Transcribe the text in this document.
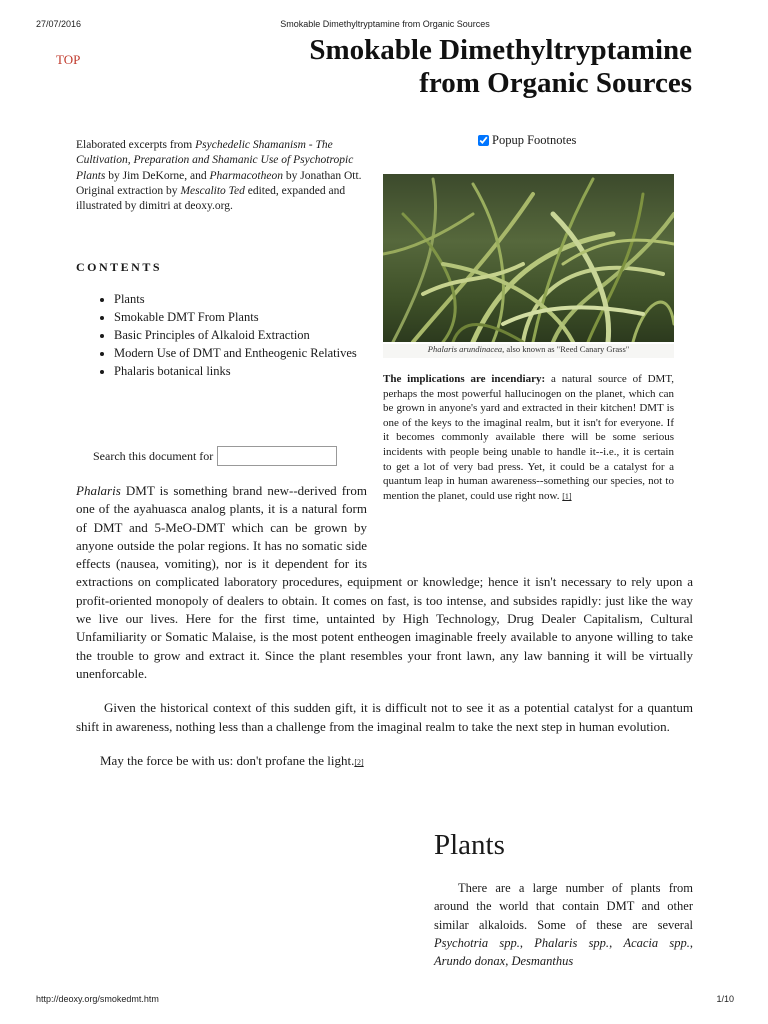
27/07/2016	Smokable Dimethyltryptamine from Organic Sources
TOP	Smokable Dimethyltryptamine
from Organic Sources

Elaborated excerpts from Psychedelic Shamanism - The Cultivation, Preparation and Shamanic Use of Psychotropic Plants by Jim DeKorne, and Pharmacotheon by Jonathan Ott. Original extraction by Mescalito Ted edited, expanded and illustrated by dimitri at deoxy.org.

CONTENTS
• Plants
• Smokable DMT From Plants
• Basic Principles of Alkaloid Extraction
• Modern Use of DMT and Entheogenic Relatives
• Phalaris botanical links
Search this document for
Popup Footnotes
Phalaris arundinacea, also known as "Reed Canary Grass"

The implications are incendiary: a natural source of DMT, perhaps the most powerful hallucinogen on the planet, which can be grown in anyone's yard and extracted in their kitchen! DMT is one of the keys to the imaginal realm, but it isn't for everyone. If it becomes commonly available there will be some serious incidents with people being unable to handle it--i.e., it is certain to get a lot of very bad press. Yet, it could be a catalyst for a quantum leap in human awareness--something our species, not to mention the planet, could use right now. [1]

Phalaris DMT is something brand new--derived from one of the ayahuasca analog plants, it is a natural form of DMT and 5-MeO-DMT which can be grown by anyone outside the polar regions. It has no somatic side effects (nausea, vomiting), nor is it dependent for its extractions on complicated laboratory procedures, equipment or knowledge; hence it isn't necessary to rely upon a profit-oriented monopoly of dealers to obtain. It comes on fast, is too intense, and subsides rapidly: just like the way we live our lives. Here for the first time, untainted by High Technology, Drug Dealer Capitalism, Cultural Unfamiliarity or Somatic Malaise, is the most potent entheogen imaginable freely available to anyone willing to take the trouble to grow and extract it. Since the plant resembles your front lawn, any law banning it will be virtually unenforcable.

Given the historical context of this sudden gift, it is difficult not to see it as a potential catalyst for a quantum shift in awareness, nothing less than a challenge from the imaginal realm to take the next step in human evolution.

May the force be with us: don't profane the light.[2]

Plants

There are a large number of plants from around the world that contain DMT and other similar alkaloids. Some of these are several Psychotria spp., Phalaris spp., Acacia spp., Arundo donax, Desmanthus

http://deoxy.org/smokedmt.htm	1/10
